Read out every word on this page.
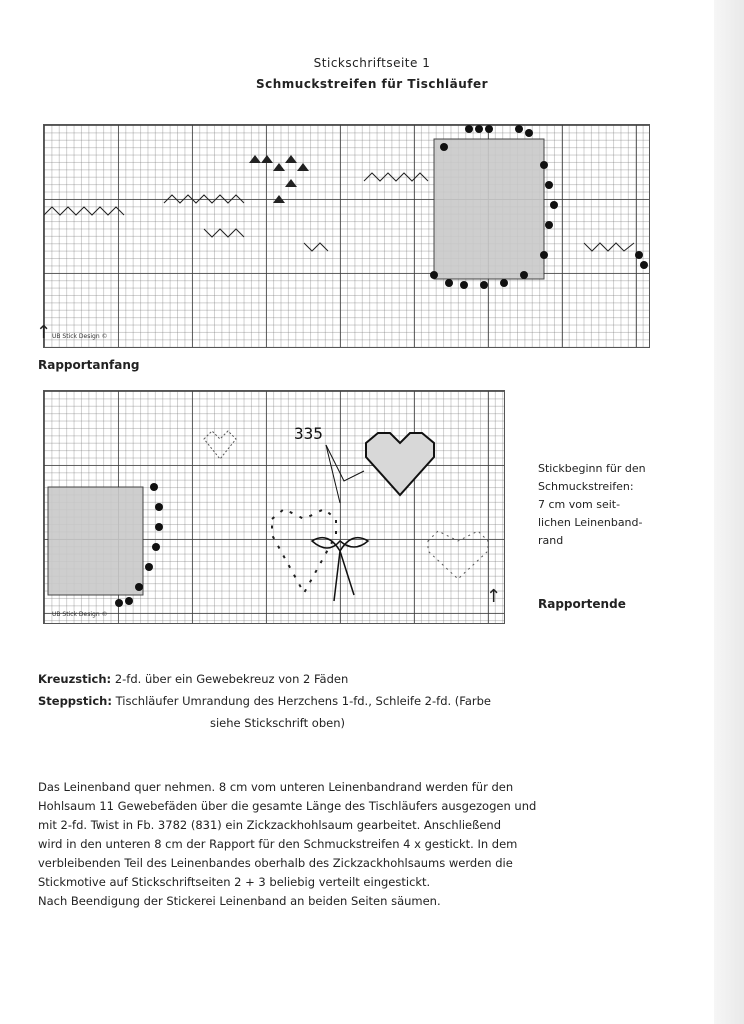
Stickschriftseite 1
Schmuckstreifen für Tischläufer
UB Stick Design ©
↑
Rapportanfang
335
UB Stick Design ©
↑
Stickbeginn für den
Schmuckstreifen:
7 cm vom seit-
lichen Leinenband-
rand
Rapportende
Kreuzstich: 2-fd. über ein Gewebekreuz von 2 Fäden
Steppstich: Tischläufer Umrandung des Herzchens 1-fd., Schleife 2-fd. (Farbe
siehe Stickschrift oben)

Das Leinenband quer nehmen. 8 cm vom unteren Leinenbandrand werden für den

Hohlsaum 11 Gewebefäden über die gesamte Länge des Tischläufers ausgezogen und

mit 2-fd. Twist in Fb. 3782 (831) ein Zickzackhohlsaum gearbeitet. Anschließend

wird in den unteren 8 cm der Rapport für den Schmuckstreifen 4 x gestickt. In dem

verbleibenden Teil des Leinenbandes oberhalb des Zickzackhohlsaums werden die

Stickmotive auf Stickschriftseiten 2 + 3 beliebig verteilt eingestickt.

Nach Beendigung der Stickerei Leinenband an beiden Seiten säumen.
